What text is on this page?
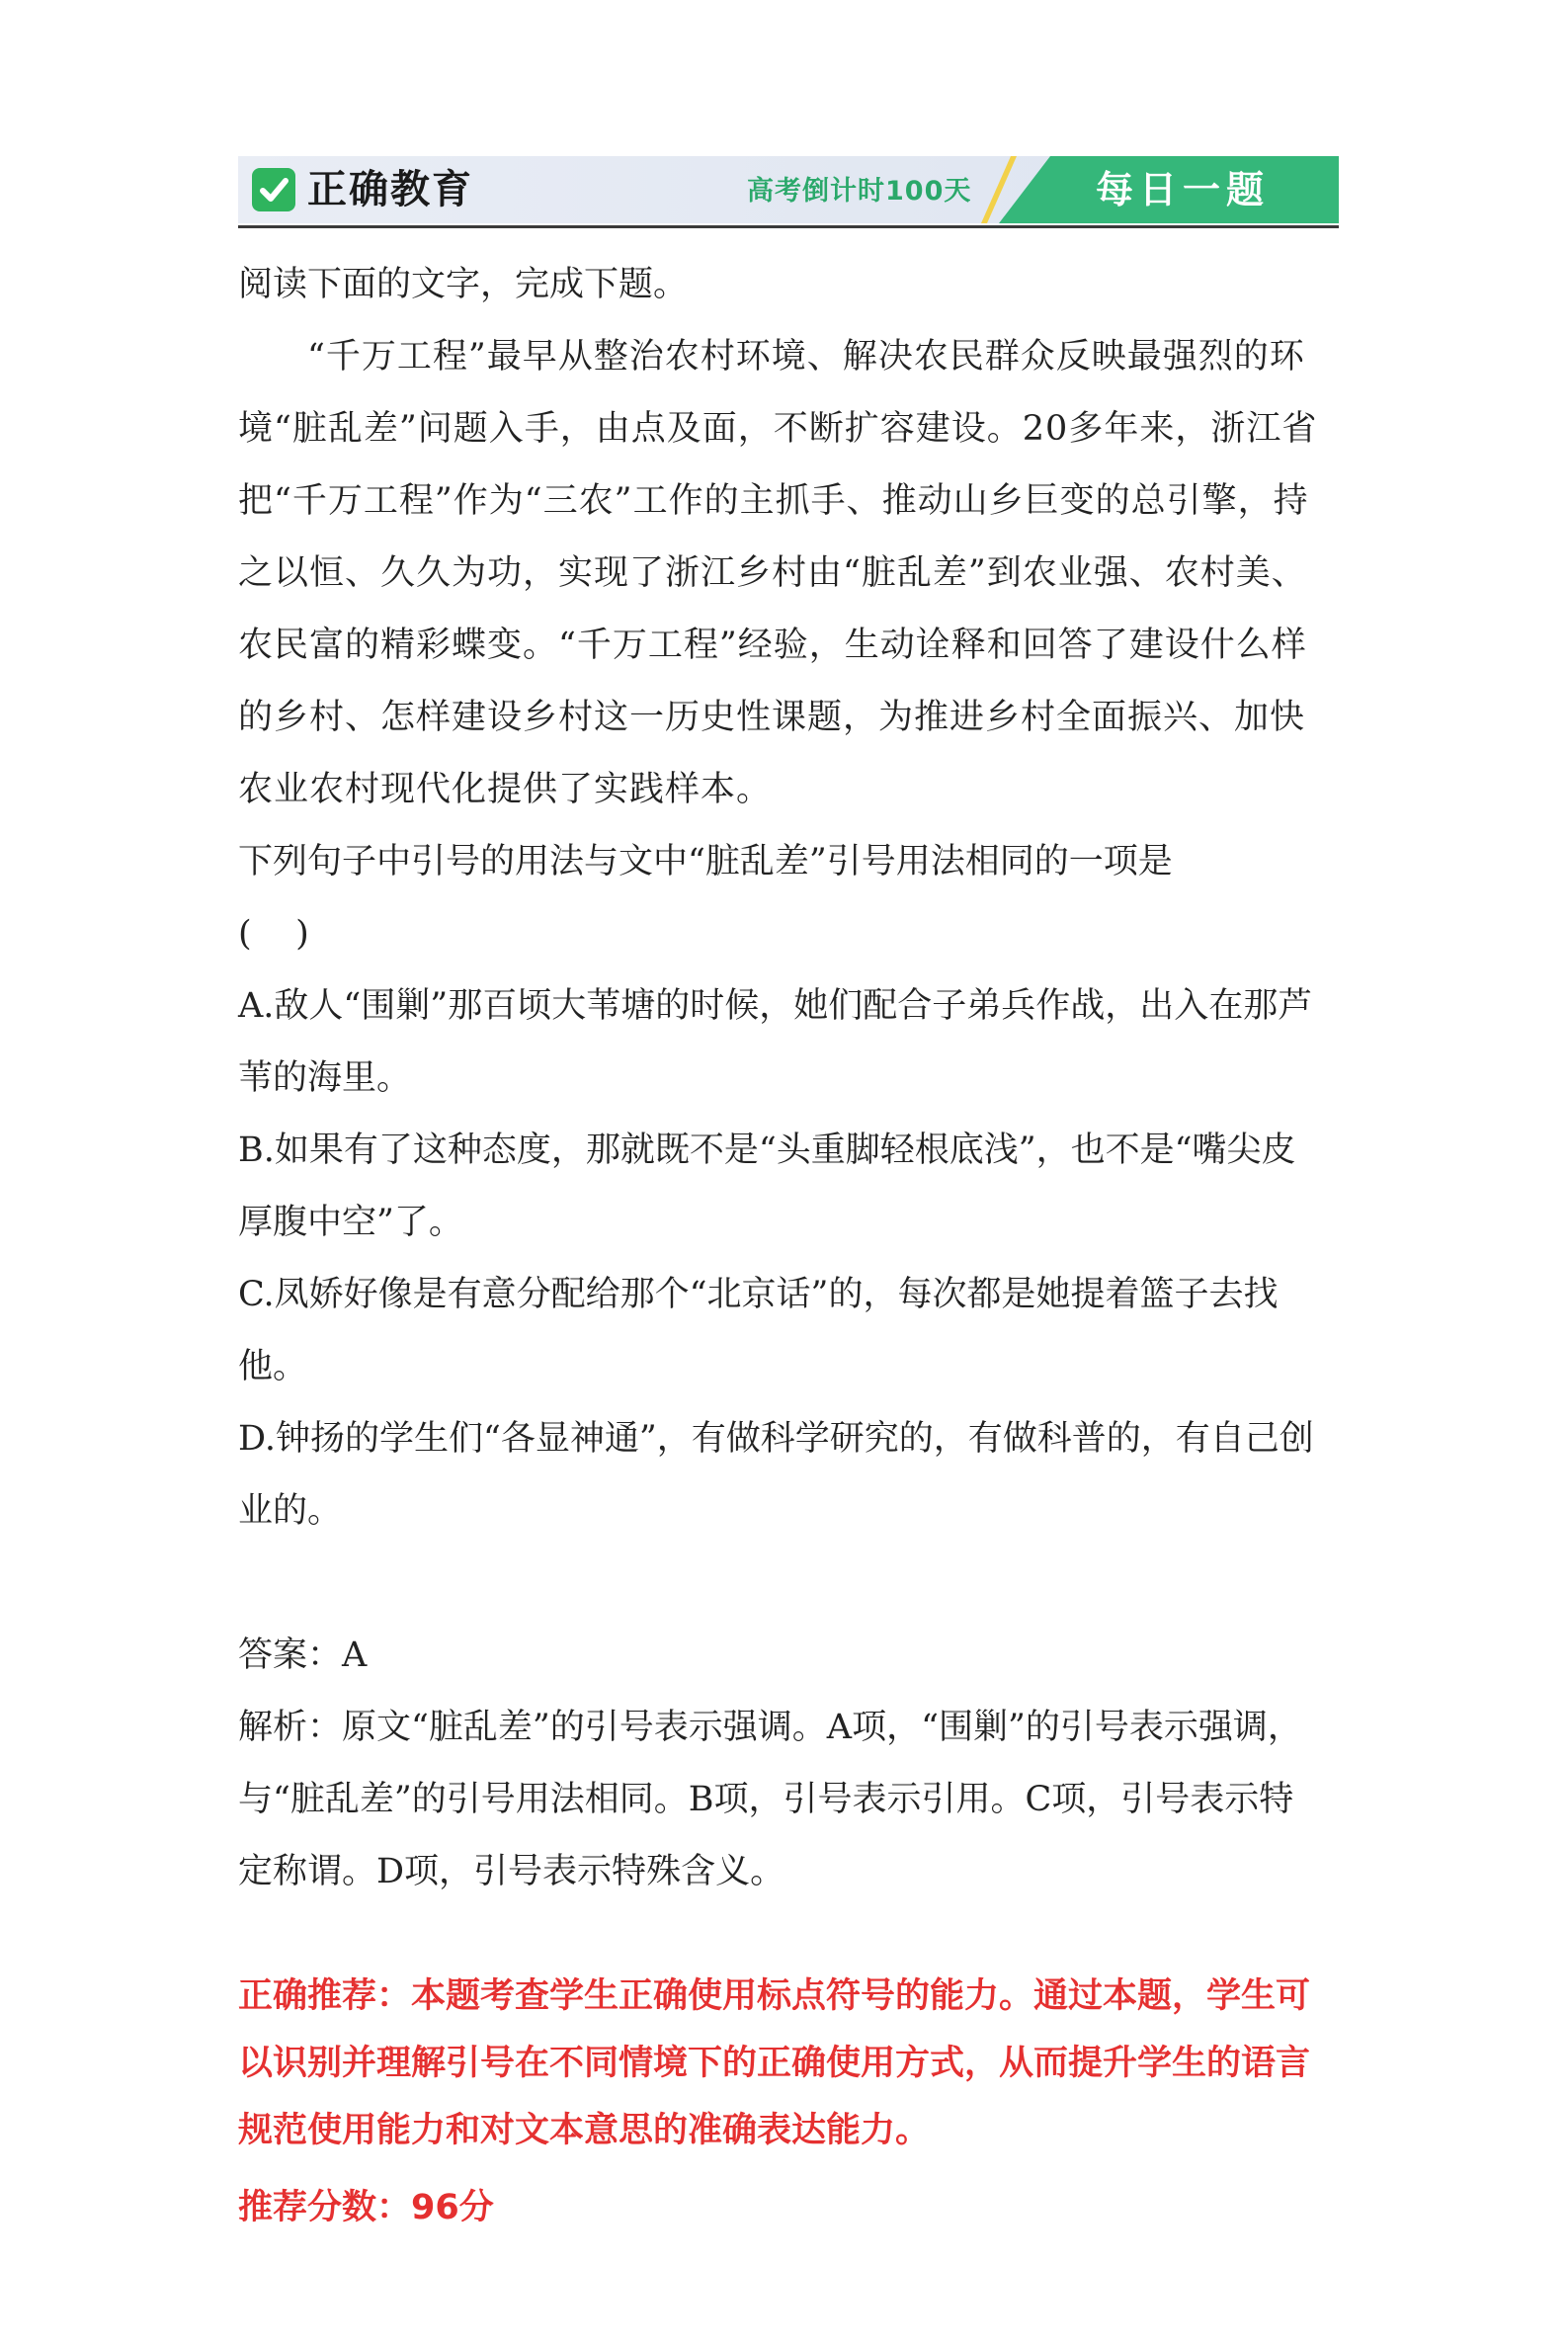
正确教育	高考倒计时100天	每日一题

阅读下面的文字，完成下题。

“千万工程”最早从整治农村环境、解决农民群众反映最强烈的环境“脏乱差”问题入手，由点及面，不断扩容建设。20多年来，浙江省把“千万工程”作为“三农”工作的主抓手、推动山乡巨变的总引擎，持之以恒、久久为功，实现了浙江乡村由“脏乱差”到农业强、农村美、农民富的精彩蝶变。“千万工程”经验，生动诠释和回答了建设什么样的乡村、怎样建设乡村这一历史性课题，为推进乡村全面振兴、加快农业农村现代化提供了实践样本。

下列句子中引号的用法与文中“脏乱差”引号用法相同的一项是

(    )

A.敌人“围剿”那百顷大苇塘的时候，她们配合子弟兵作战，出入在那芦苇的海里。

B.如果有了这种态度，那就既不是“头重脚轻根底浅”，也不是“嘴尖皮厚腹中空”了。

C.凤娇好像是有意分配给那个“北京话”的，每次都是她提着篮子去找他。

D.钟扬的学生们“各显神通”，有做科学研究的，有做科普的，有自己创业的。

答案：A

解析：原文“脏乱差”的引号表示强调。A项，“围剿”的引号表示强调，与“脏乱差”的引号用法相同。B项，引号表示引用。C项，引号表示特定称谓。D项，引号表示特殊含义。

正确推荐：本题考查学生正确使用标点符号的能力。通过本题，学生可以识别并理解引号在不同情境下的正确使用方式，从而提升学生的语言规范使用能力和对文本意思的准确表达能力。

推荐分数：96分
